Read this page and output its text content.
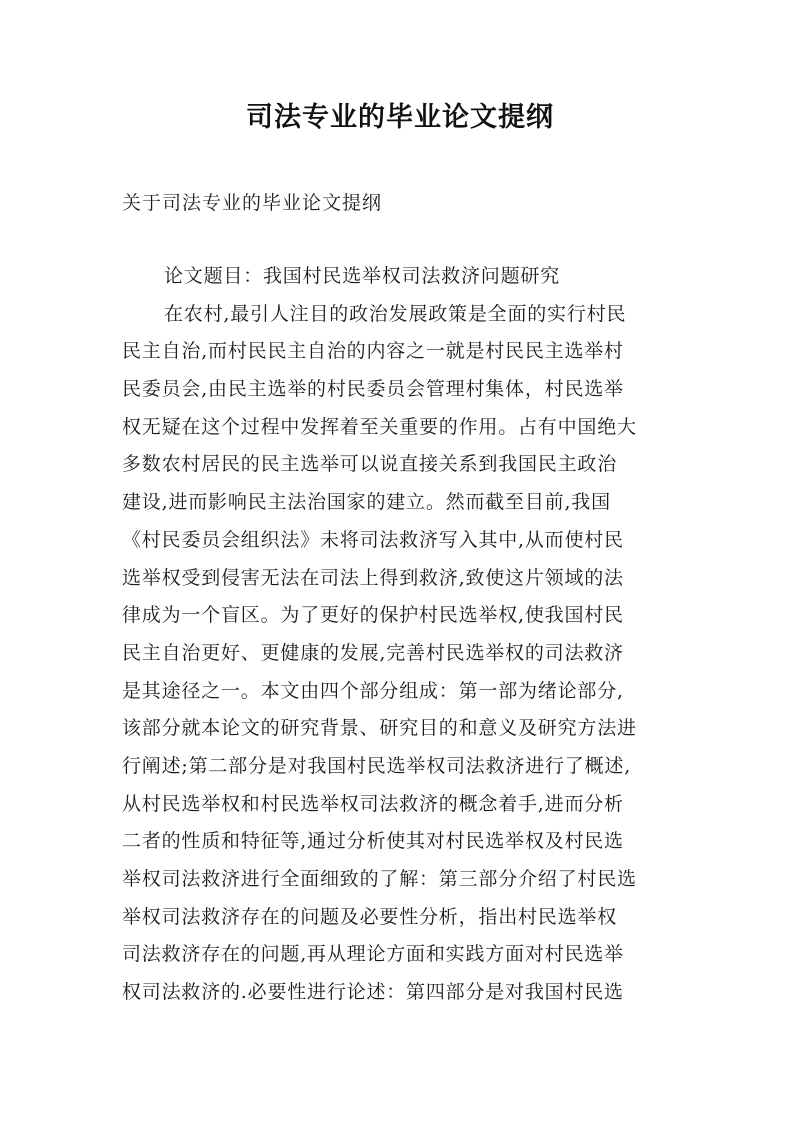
司法专业的毕业论文提纲
关于司法专业的毕业论文提纲
论文题目：我国村民选举权司法救济问题研究
在农村,最引人注目的政治发展政策是全面的实行村民
民主自治,而村民民主自治的内容之一就是村民民主选举村
民委员会,由民主选举的村民委员会管理村集体，村民选举
权无疑在这个过程中发挥着至关重要的作用。占有中国绝大
多数农村居民的民主选举可以说直接关系到我国民主政治
建设,进而影响民主法治国家的建立。然而截至目前,我国
《村民委员会组织法》未将司法救济写入其中,从而使村民
选举权受到侵害无法在司法上得到救济,致使这片领域的法
律成为一个盲区。为了更好的保护村民选举权,使我国村民
民主自治更好、更健康的发展,完善村民选举权的司法救济
是其途径之一。本文由四个部分组成：第一部为绪论部分,
该部分就本论文的研究背景、研究目的和意义及研究方法进
行阐述;第二部分是对我国村民选举权司法救济进行了概述,
从村民选举权和村民选举权司法救济的概念着手,进而分析
二者的性质和特征等,通过分析使其对村民选举权及村民选
举权司法救济进行全面细致的了解：第三部分介绍了村民选
举权司法救济存在的问题及必要性分析，指出村民选举权
司法救济存在的问题,再从理论方面和实践方面对村民选举
权司法救济的.必要性进行论述：第四部分是对我国村民选
